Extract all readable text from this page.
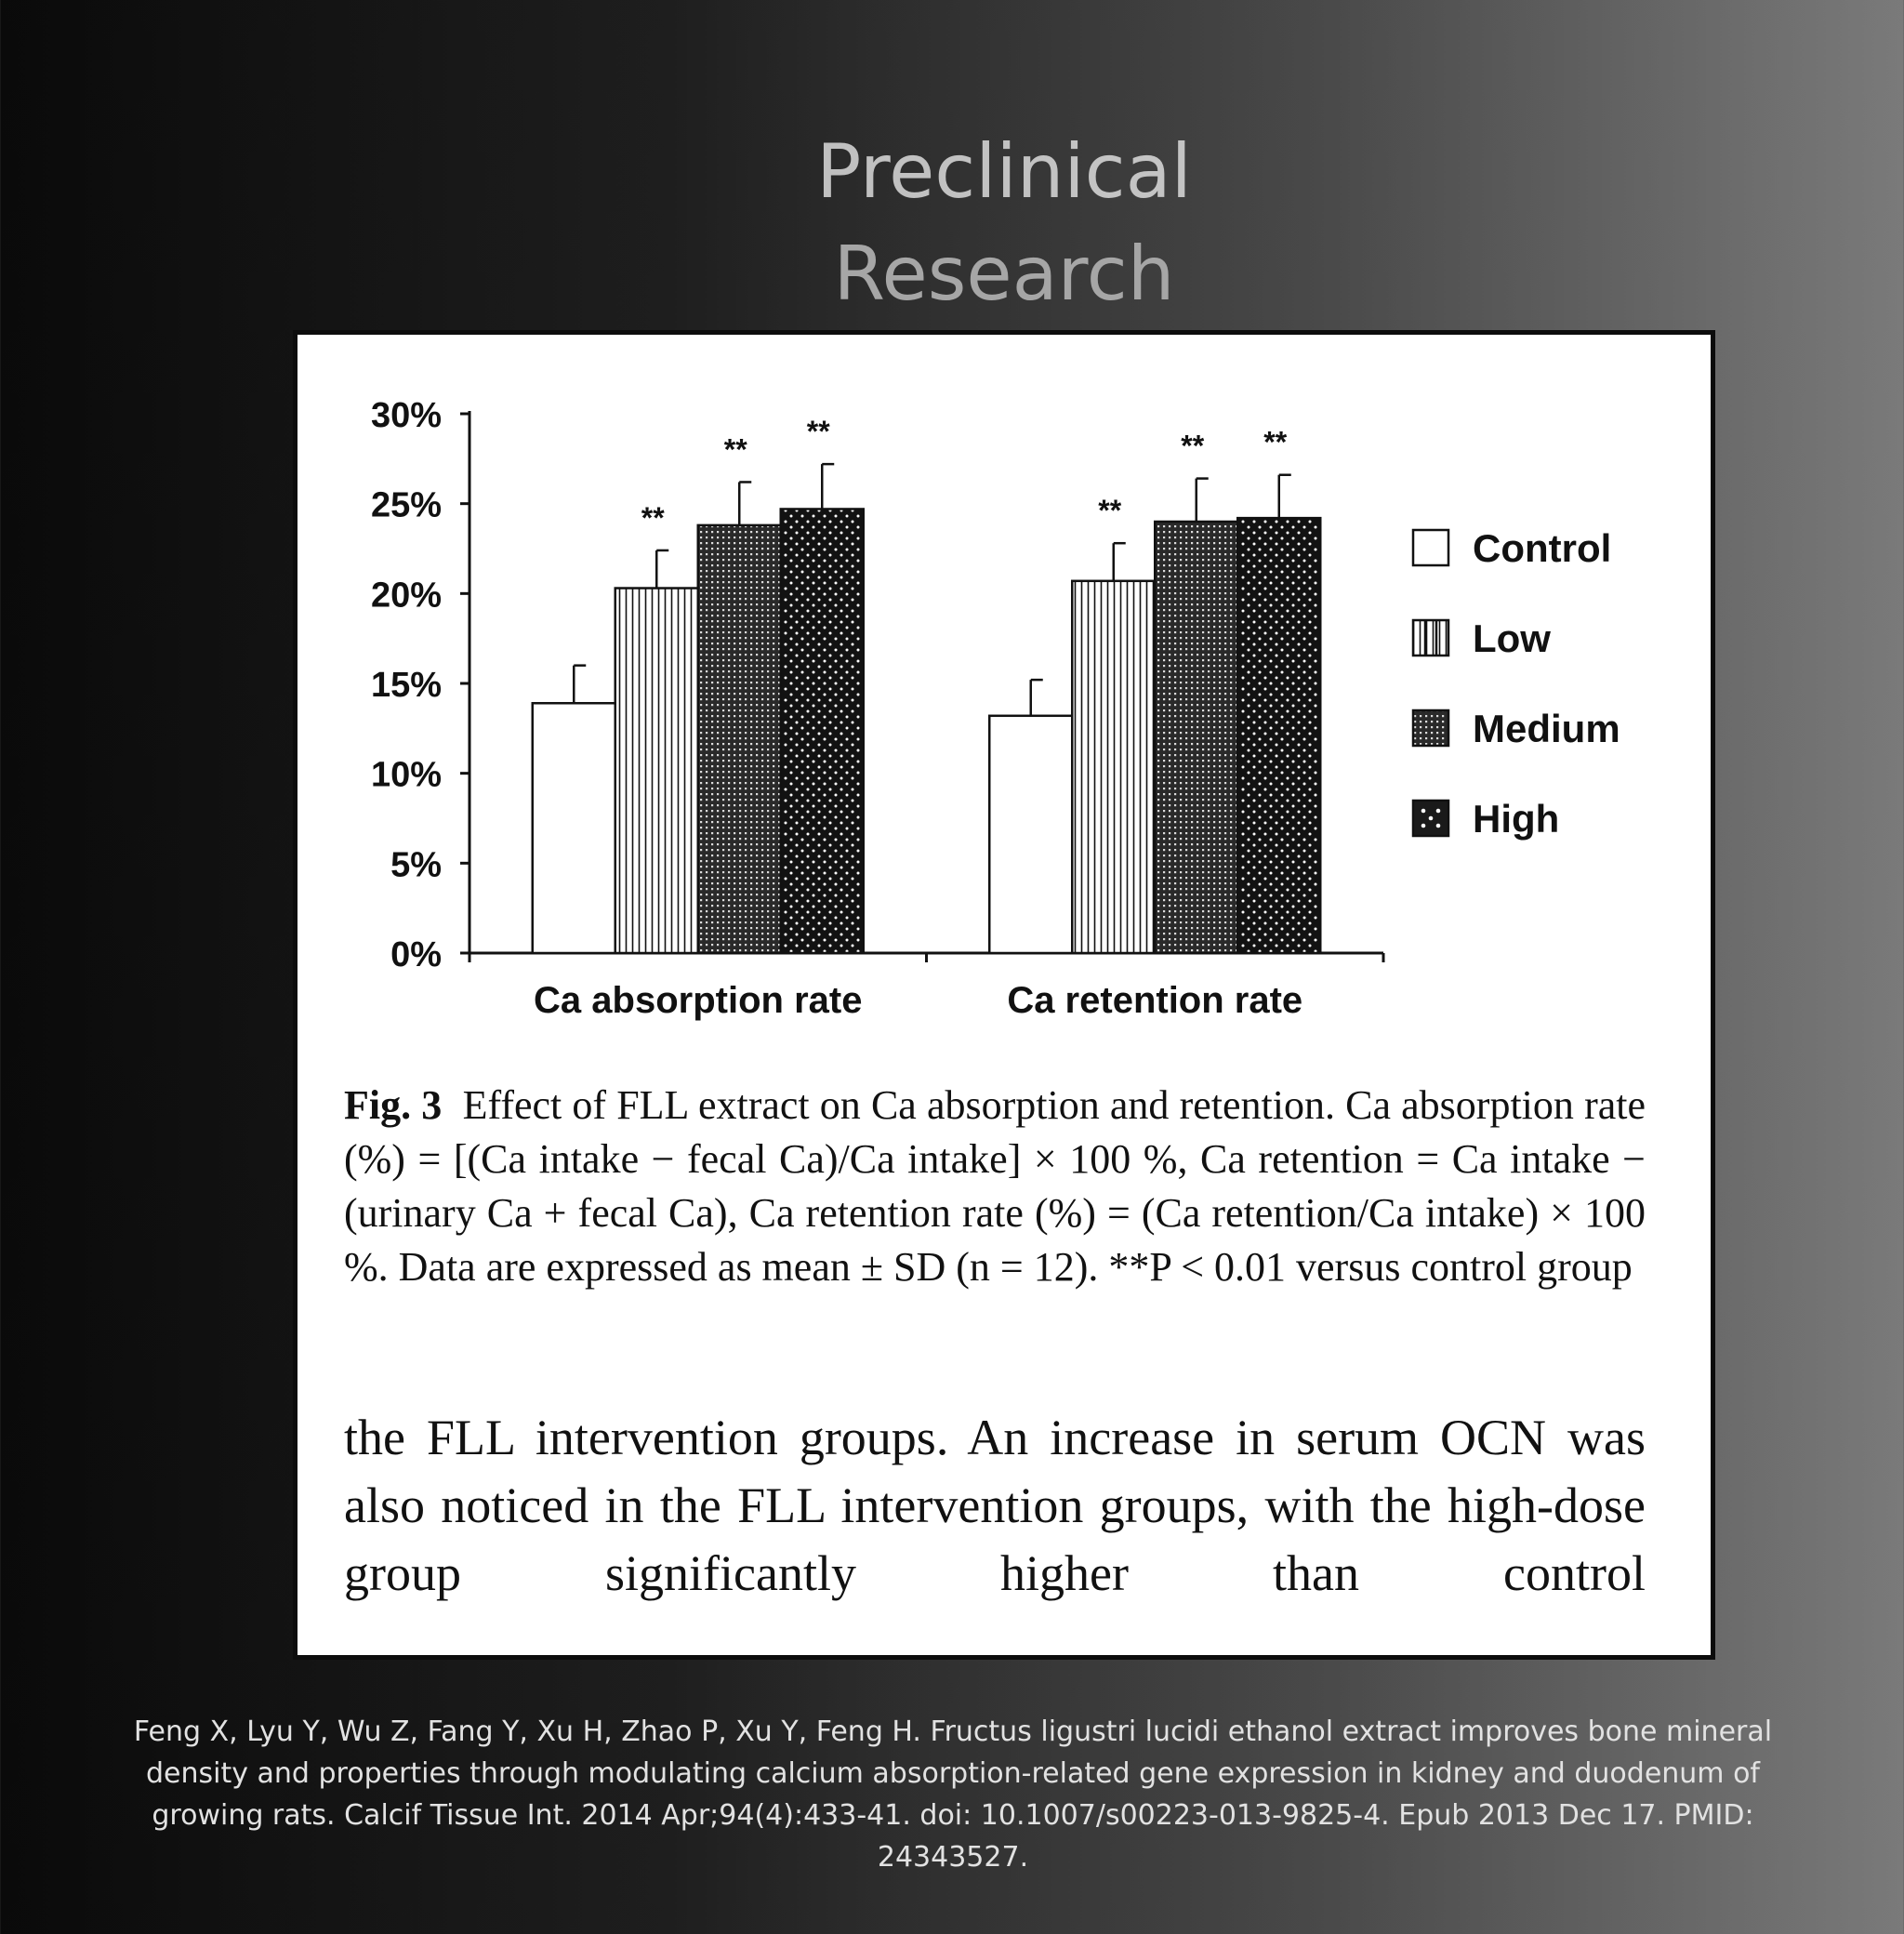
Preclinical
Research
0%
5%
10%
15%
20%
25%
30%
Ca absorption rate
**
**
**
Ca retention rate
**
** **
Control
Low
Medium
High

Fig. 3 Effect of FLL extract on Ca absorption and retention. Ca absorption rate (%) = [(Ca intake − fecal Ca)/Ca intake] × 100 %, Ca retention = Ca intake − (urinary Ca + fecal Ca), Ca retention rate (%) = (Ca retention/Ca intake) × 100 %. Data are expressed as mean ± SD (n = 12). **P < 0.01 versus control group

the FLL intervention groups. An increase in serum OCN was also noticed in the FLL intervention groups, with the high-dose group significantly higher than control

Feng X, Lyu Y, Wu Z, Fang Y, Xu H, Zhao P, Xu Y, Feng H. Fructus ligustri lucidi ethanol extract improves bone mineral density and properties through modulating calcium absorption-related gene expression in kidney and duodenum of growing rats. Calcif Tissue Int. 2014 Apr;94(4):433-41. doi: 10.1007/s00223-013-9825-4. Epub 2013 Dec 17. PMID: 24343527.
